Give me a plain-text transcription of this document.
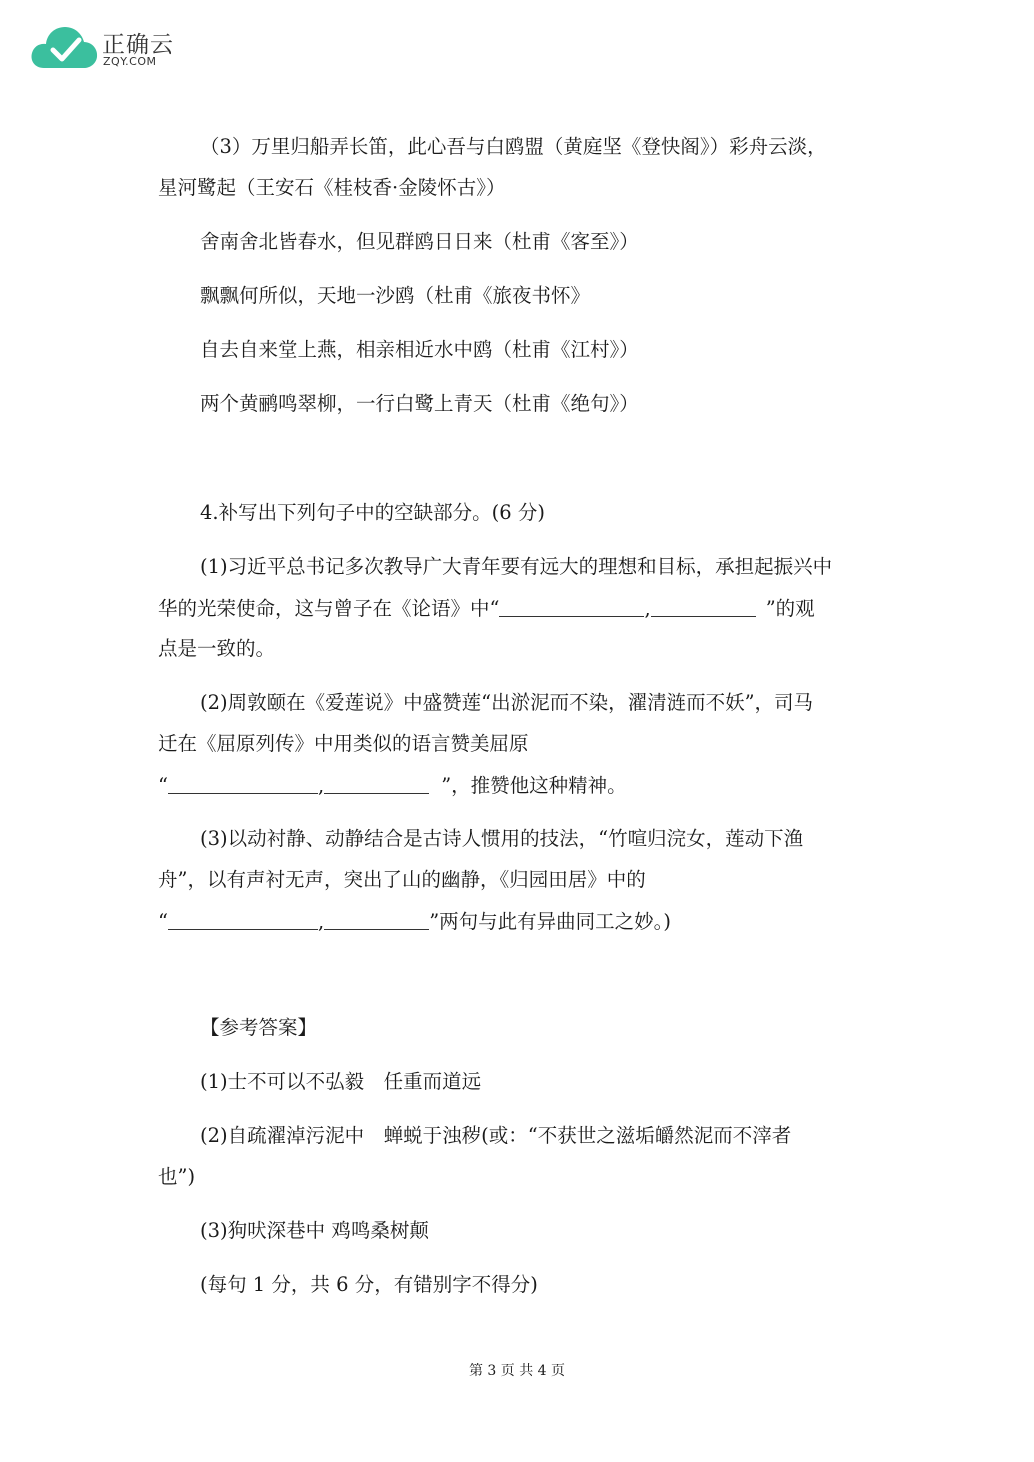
正确云
ZQY.COM
（3）万里归船弄长笛，此心吾与白鸥盟（黄庭坚《登快阁》）彩舟云淡，
星河鹭起（王安石《桂枝香·金陵怀古》）
舍南舍北皆春水，但见群鸥日日来（杜甫《客至》）
飘飘何所似，天地一沙鸥（杜甫《旅夜书怀》
自去自来堂上燕，相亲相近水中鸥（杜甫《江村》）
两个黄鹂鸣翠柳，一行白鹭上青天（杜甫《绝句》）
4.补写出下列句子中的空缺部分。(6 分)
(1)习近平总书记多次教导广大青年要有远大的理想和目标，承担起振兴中
华的光荣使命，这与曾子在《论语》中“	,	”的观
点是一致的。
(2)周敦颐在《爱莲说》中盛赞莲“出淤泥而不染，濯清涟而不妖”，司马
迁在《屈原列传》中用类似的语言赞美屈原
“	,	”，推赞他这种精神。
(3)以动衬静、动静结合是古诗人惯用的技法，“竹喧归浣女，莲动下渔
舟”，以有声衬无声，突出了山的幽静，《归园田居》中的
“	,	”两句与此有异曲同工之妙。)
【参考答案】
(1)士不可以不弘毅　任重而道远
(2)自疏濯淖污泥中　蝉蜕于浊秽(或：“不获世之滋垢皭然泥而不滓者
也”)
(3)狗吠深巷中 鸡鸣桑树颠
(每句 1 分，共 6 分，有错别字不得分)
第 3 页 共 4 页
